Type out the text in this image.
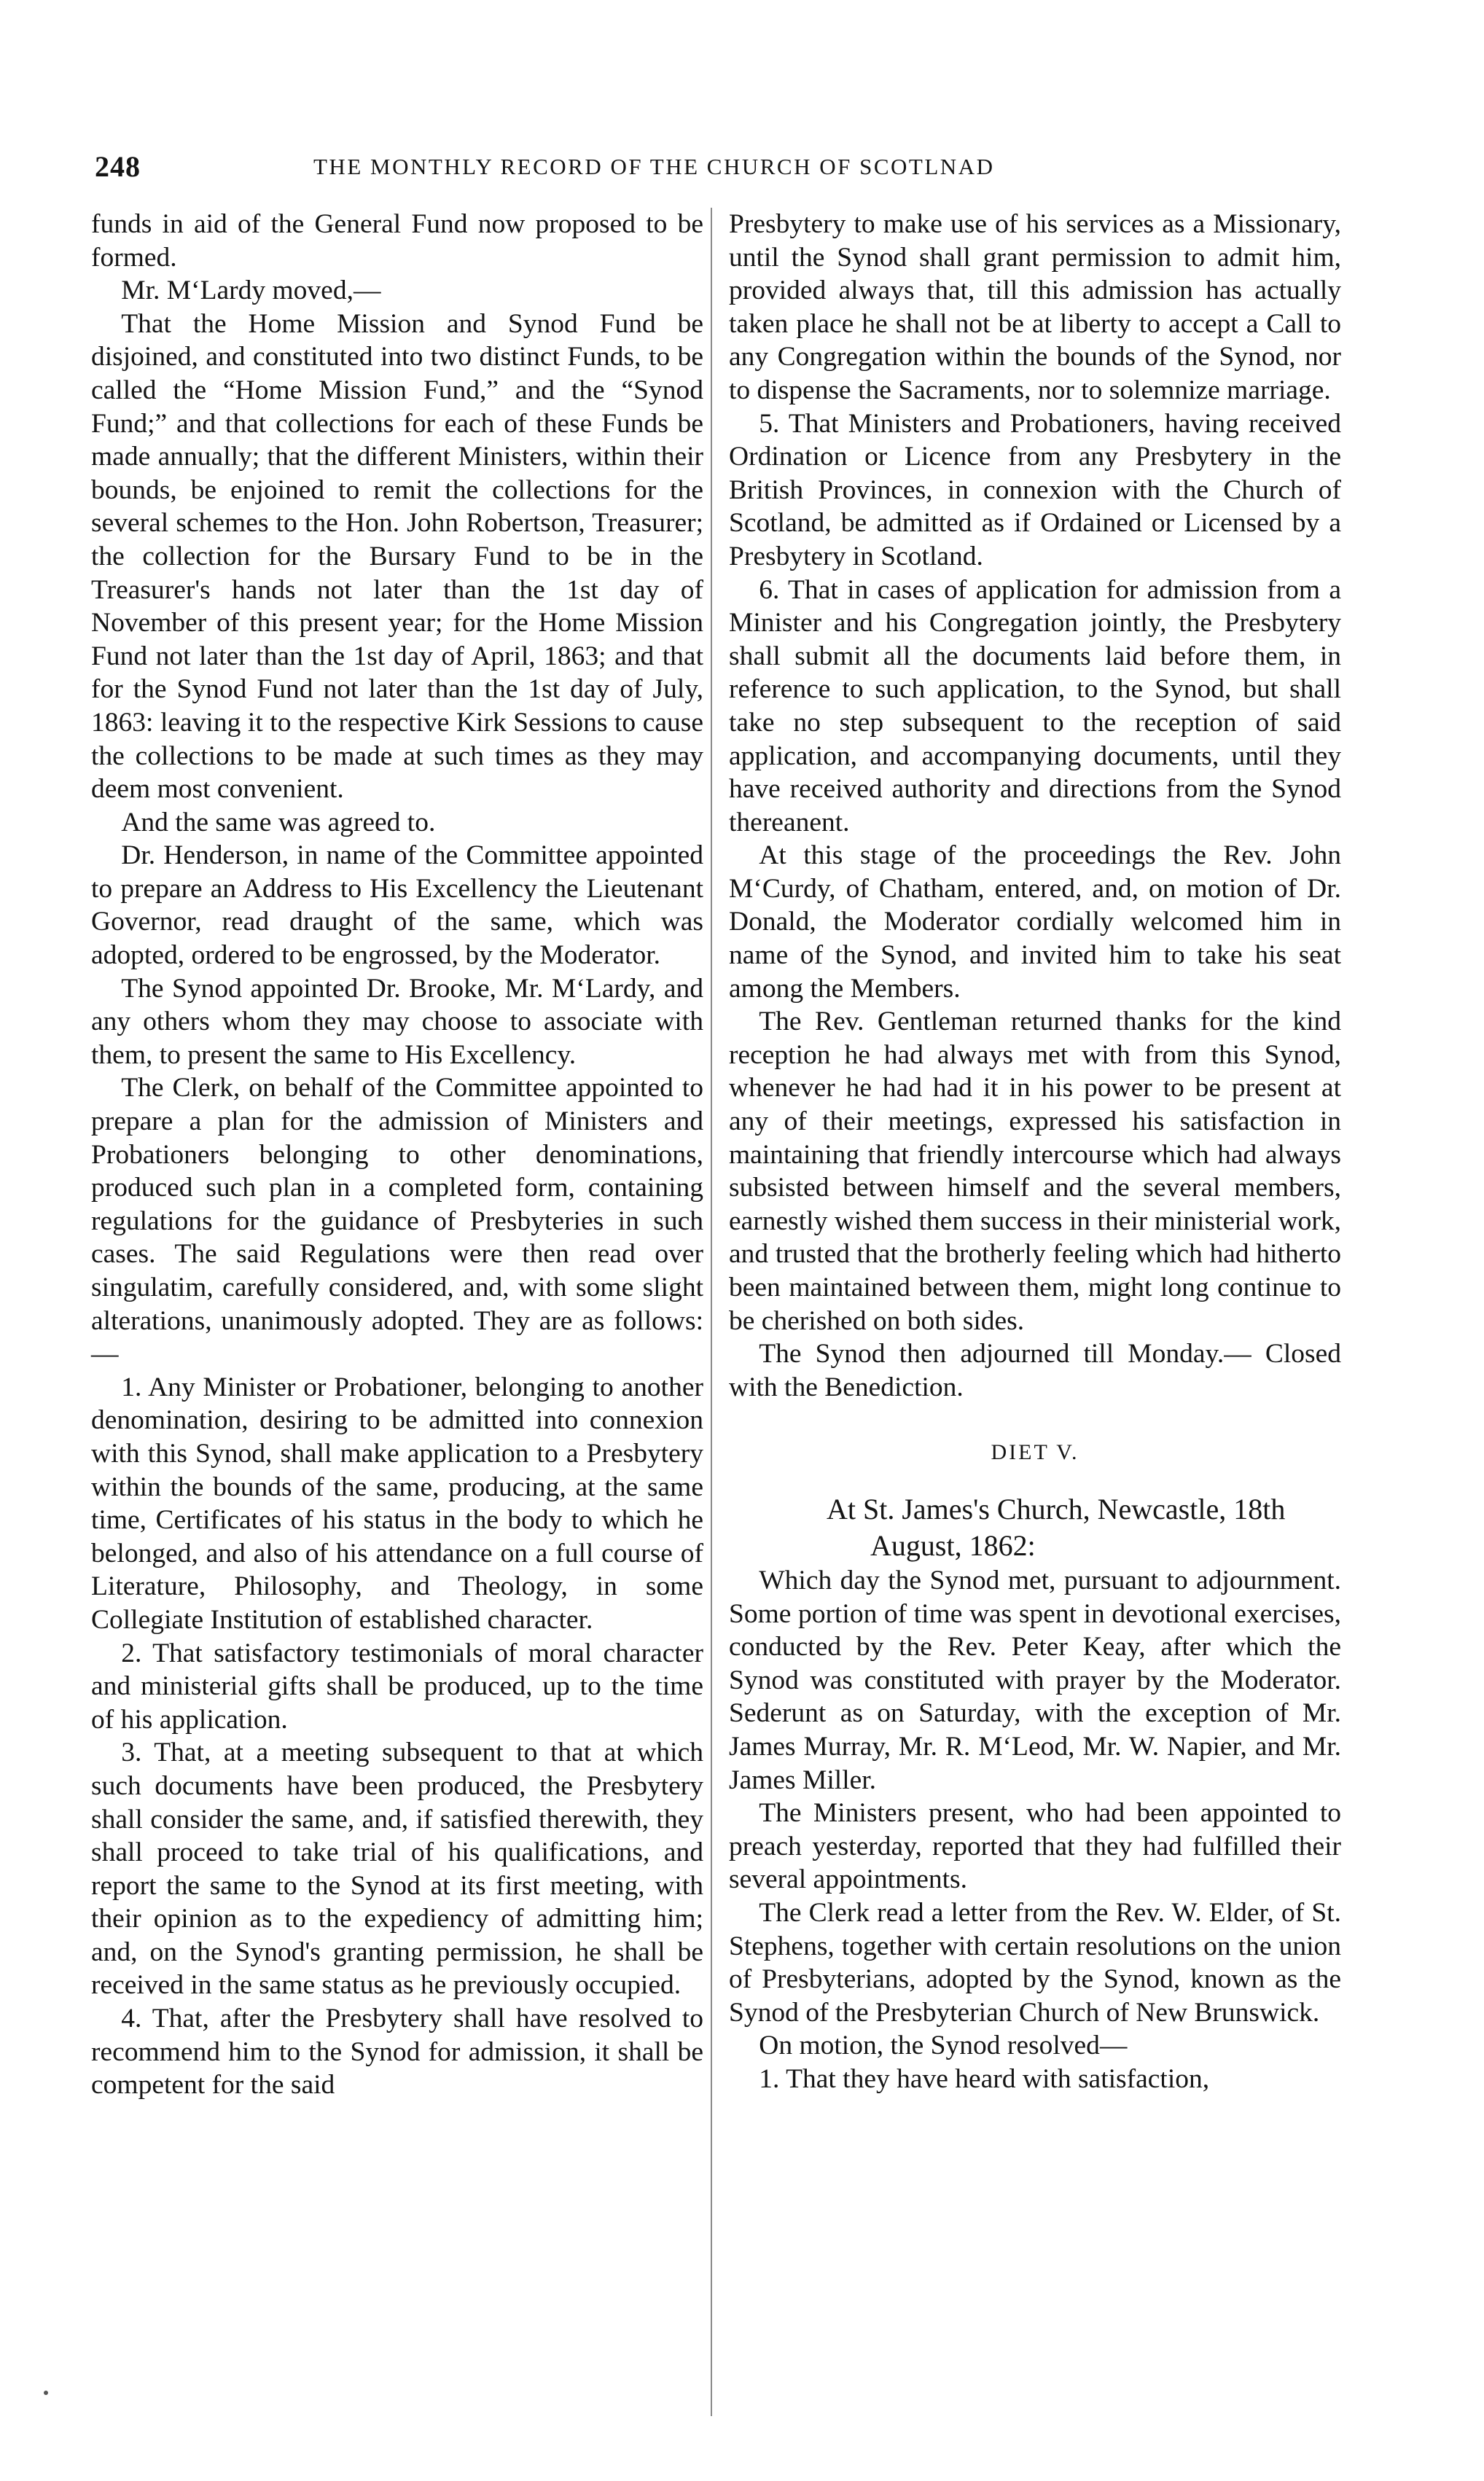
248	THE MONTHLY RECORD OF THE CHURCH OF SCOTLNAD

funds in aid of the General Fund now proposed to be formed.

Mr. M‘Lardy moved,—

That the Home Mission and Synod Fund be disjoined, and constituted into two distinct Funds, to be called the “Home Mission Fund,” and the “Synod Fund;” and that collections for each of these Funds be made annually; that the different Ministers, within their bounds, be enjoined to remit the collections for the several schemes to the Hon. John Robertson, Treasurer; the collection for the Bursary Fund to be in the Treasurer's hands not later than the 1st day of November of this present year; for the Home Mission Fund not later than the 1st day of April, 1863; and that for the Synod Fund not later than the 1st day of July, 1863: leaving it to the respective Kirk Sessions to cause the collections to be made at such times as they may deem most convenient.

And the same was agreed to.

Dr. Henderson, in name of the Committee appointed to prepare an Address to His Excellency the Lieutenant Governor, read draught of the same, which was adopted, ordered to be engrossed, by the Moderator.

The Synod appointed Dr. Brooke, Mr. M‘Lardy, and any others whom they may choose to associate with them, to present the same to His Excellency.

The Clerk, on behalf of the Committee appointed to prepare a plan for the admission of Ministers and Probationers belonging to other denominations, produced such plan in a completed form, containing regulations for the guidance of Presbyteries in such cases. The said Regulations were then read over singulatim, carefully considered, and, with some slight alterations, unanimously adopted. They are as follows:—

1. Any Minister or Probationer, belonging to another denomination, desiring to be admitted into connexion with this Synod, shall make application to a Presbytery within the bounds of the same, producing, at the same time, Certificates of his status in the body to which he belonged, and also of his attendance on a full course of Literature, Philosophy, and Theology, in some Collegiate Institution of established character.

2. That satisfactory testimonials of moral character and ministerial gifts shall be produced, up to the time of his application.

3. That, at a meeting subsequent to that at which such documents have been produced, the Presbytery shall consider the same, and, if satisfied therewith, they shall proceed to take trial of his qualifications, and report the same to the Synod at its first meeting, with their opinion as to the expediency of admitting him; and, on the Synod's granting permission, he shall be received in the same status as he previously occupied.

4. That, after the Presbytery shall have resolved to recommend him to the Synod for admission, it shall be competent for the said

Presbytery to make use of his services as a Missionary, until the Synod shall grant permission to admit him, provided always that, till this admission has actually taken place he shall not be at liberty to accept a Call to any Congregation within the bounds of the Synod, nor to dispense the Sacraments, nor to solemnize marriage.

5. That Ministers and Probationers, having received Ordination or Licence from any Presbytery in the British Provinces, in connexion with the Church of Scotland, be admitted as if Ordained or Licensed by a Presbytery in Scotland.

6. That in cases of application for admission from a Minister and his Congregation jointly, the Presbytery shall submit all the documents laid before them, in reference to such application, to the Synod, but shall take no step subsequent to the reception of said application, and accompanying documents, until they have received authority and directions from the Synod thereanent.

At this stage of the proceedings the Rev. John M‘Curdy, of Chatham, entered, and, on motion of Dr. Donald, the Moderator cordially welcomed him in name of the Synod, and invited him to take his seat among the Members.

The Rev. Gentleman returned thanks for the kind reception he had always met with from this Synod, whenever he had had it in his power to be present at any of their meetings, expressed his satisfaction in maintaining that friendly intercourse which had always subsisted between himself and the several members, earnestly wished them success in their ministerial work, and trusted that the brotherly feeling which had hitherto been maintained between them, might long continue to be cherished on both sides.

The Synod then adjourned till Monday.— Closed with the Benediction.

DIET V.

At St. James's Church, Newcastle, 18th
August, 1862:

Which day the Synod met, pursuant to adjournment. Some portion of time was spent in devotional exercises, conducted by the Rev. Peter Keay, after which the Synod was constituted with prayer by the Moderator. Sederunt as on Saturday, with the exception of Mr. James Murray, Mr. R. M‘Leod, Mr. W. Napier, and Mr. James Miller.

The Ministers present, who had been appointed to preach yesterday, reported that they had fulfilled their several appointments.

The Clerk read a letter from the Rev. W. Elder, of St. Stephens, together with certain resolutions on the union of Presbyterians, adopted by the Synod, known as the Synod of the Presbyterian Church of New Brunswick.

On motion, the Synod resolved—

1. That they have heard with satisfaction,
